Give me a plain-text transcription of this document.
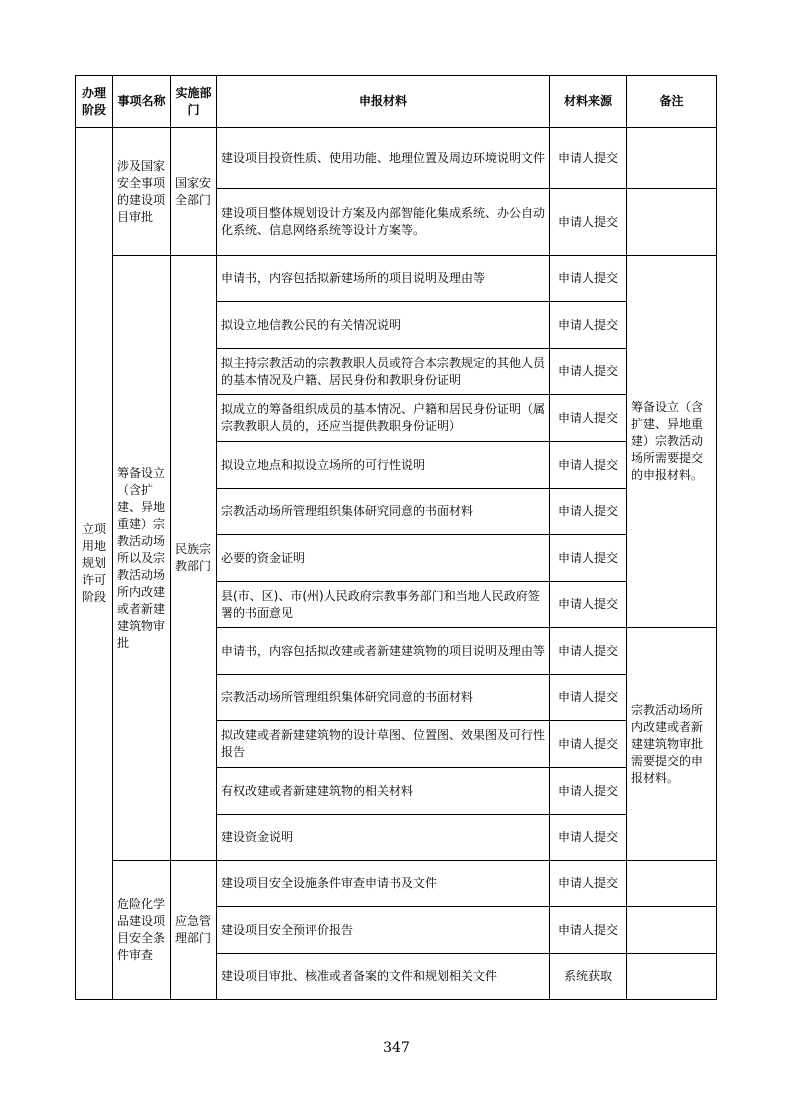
办理阶段	事项名称	实施部门	申报材料	材料来源	备注
立项用地规划许可阶段	涉及国家安全事项的建设项目审批	国家安全部门	建设项目投资性质、使用功能、地理位置及周边环境说明文件	申请人提交	
			建设项目整体规划设计方案及内部智能化集成系统、办公自动化系统、信息网络系统等设计方案等。	申请人提交	
	筹备设立（含扩建、异地重建）宗教活动场所以及宗教活动场所内改建或者新建建筑物审批	民族宗教部门	申请书，内容包括拟新建场所的项目说明及理由等	申请人提交	筹备设立（含扩建、异地重建）宗教活动场所需要提交的申报材料。
			拟设立地信教公民的有关情况说明	申请人提交	
			拟主持宗教活动的宗教教职人员或符合本宗教规定的其他人员的基本情况及户籍、居民身份和教职身份证明	申请人提交	
			拟成立的筹备组织成员的基本情况、户籍和居民身份证明（属宗教教职人员的，还应当提供教职身份证明）	申请人提交	
			拟设立地点和拟设立场所的可行性说明	申请人提交	
			宗教活动场所管理组织集体研究同意的书面材料	申请人提交	
			必要的资金证明	申请人提交	
			县(市、区)、市(州)人民政府宗教事务部门和当地人民政府签署的书面意见	申请人提交	
			申请书，内容包括拟改建或者新建建筑物的项目说明及理由等	申请人提交	宗教活动场所内改建或者新建建筑物审批需要提交的申报材料。
			宗教活动场所管理组织集体研究同意的书面材料	申请人提交	
			拟改建或者新建建筑物的设计草图、位置图、效果图及可行性报告	申请人提交	
			有权改建或者新建建筑物的相关材料	申请人提交	
			建设资金说明	申请人提交	
	危险化学品建设项目安全条件审查	应急管理部门	建设项目安全设施条件审查申请书及文件	申请人提交	
			建设项目安全预评价报告	申请人提交	
			建设项目审批、核准或者备案的文件和规划相关文件	系统获取	
347
